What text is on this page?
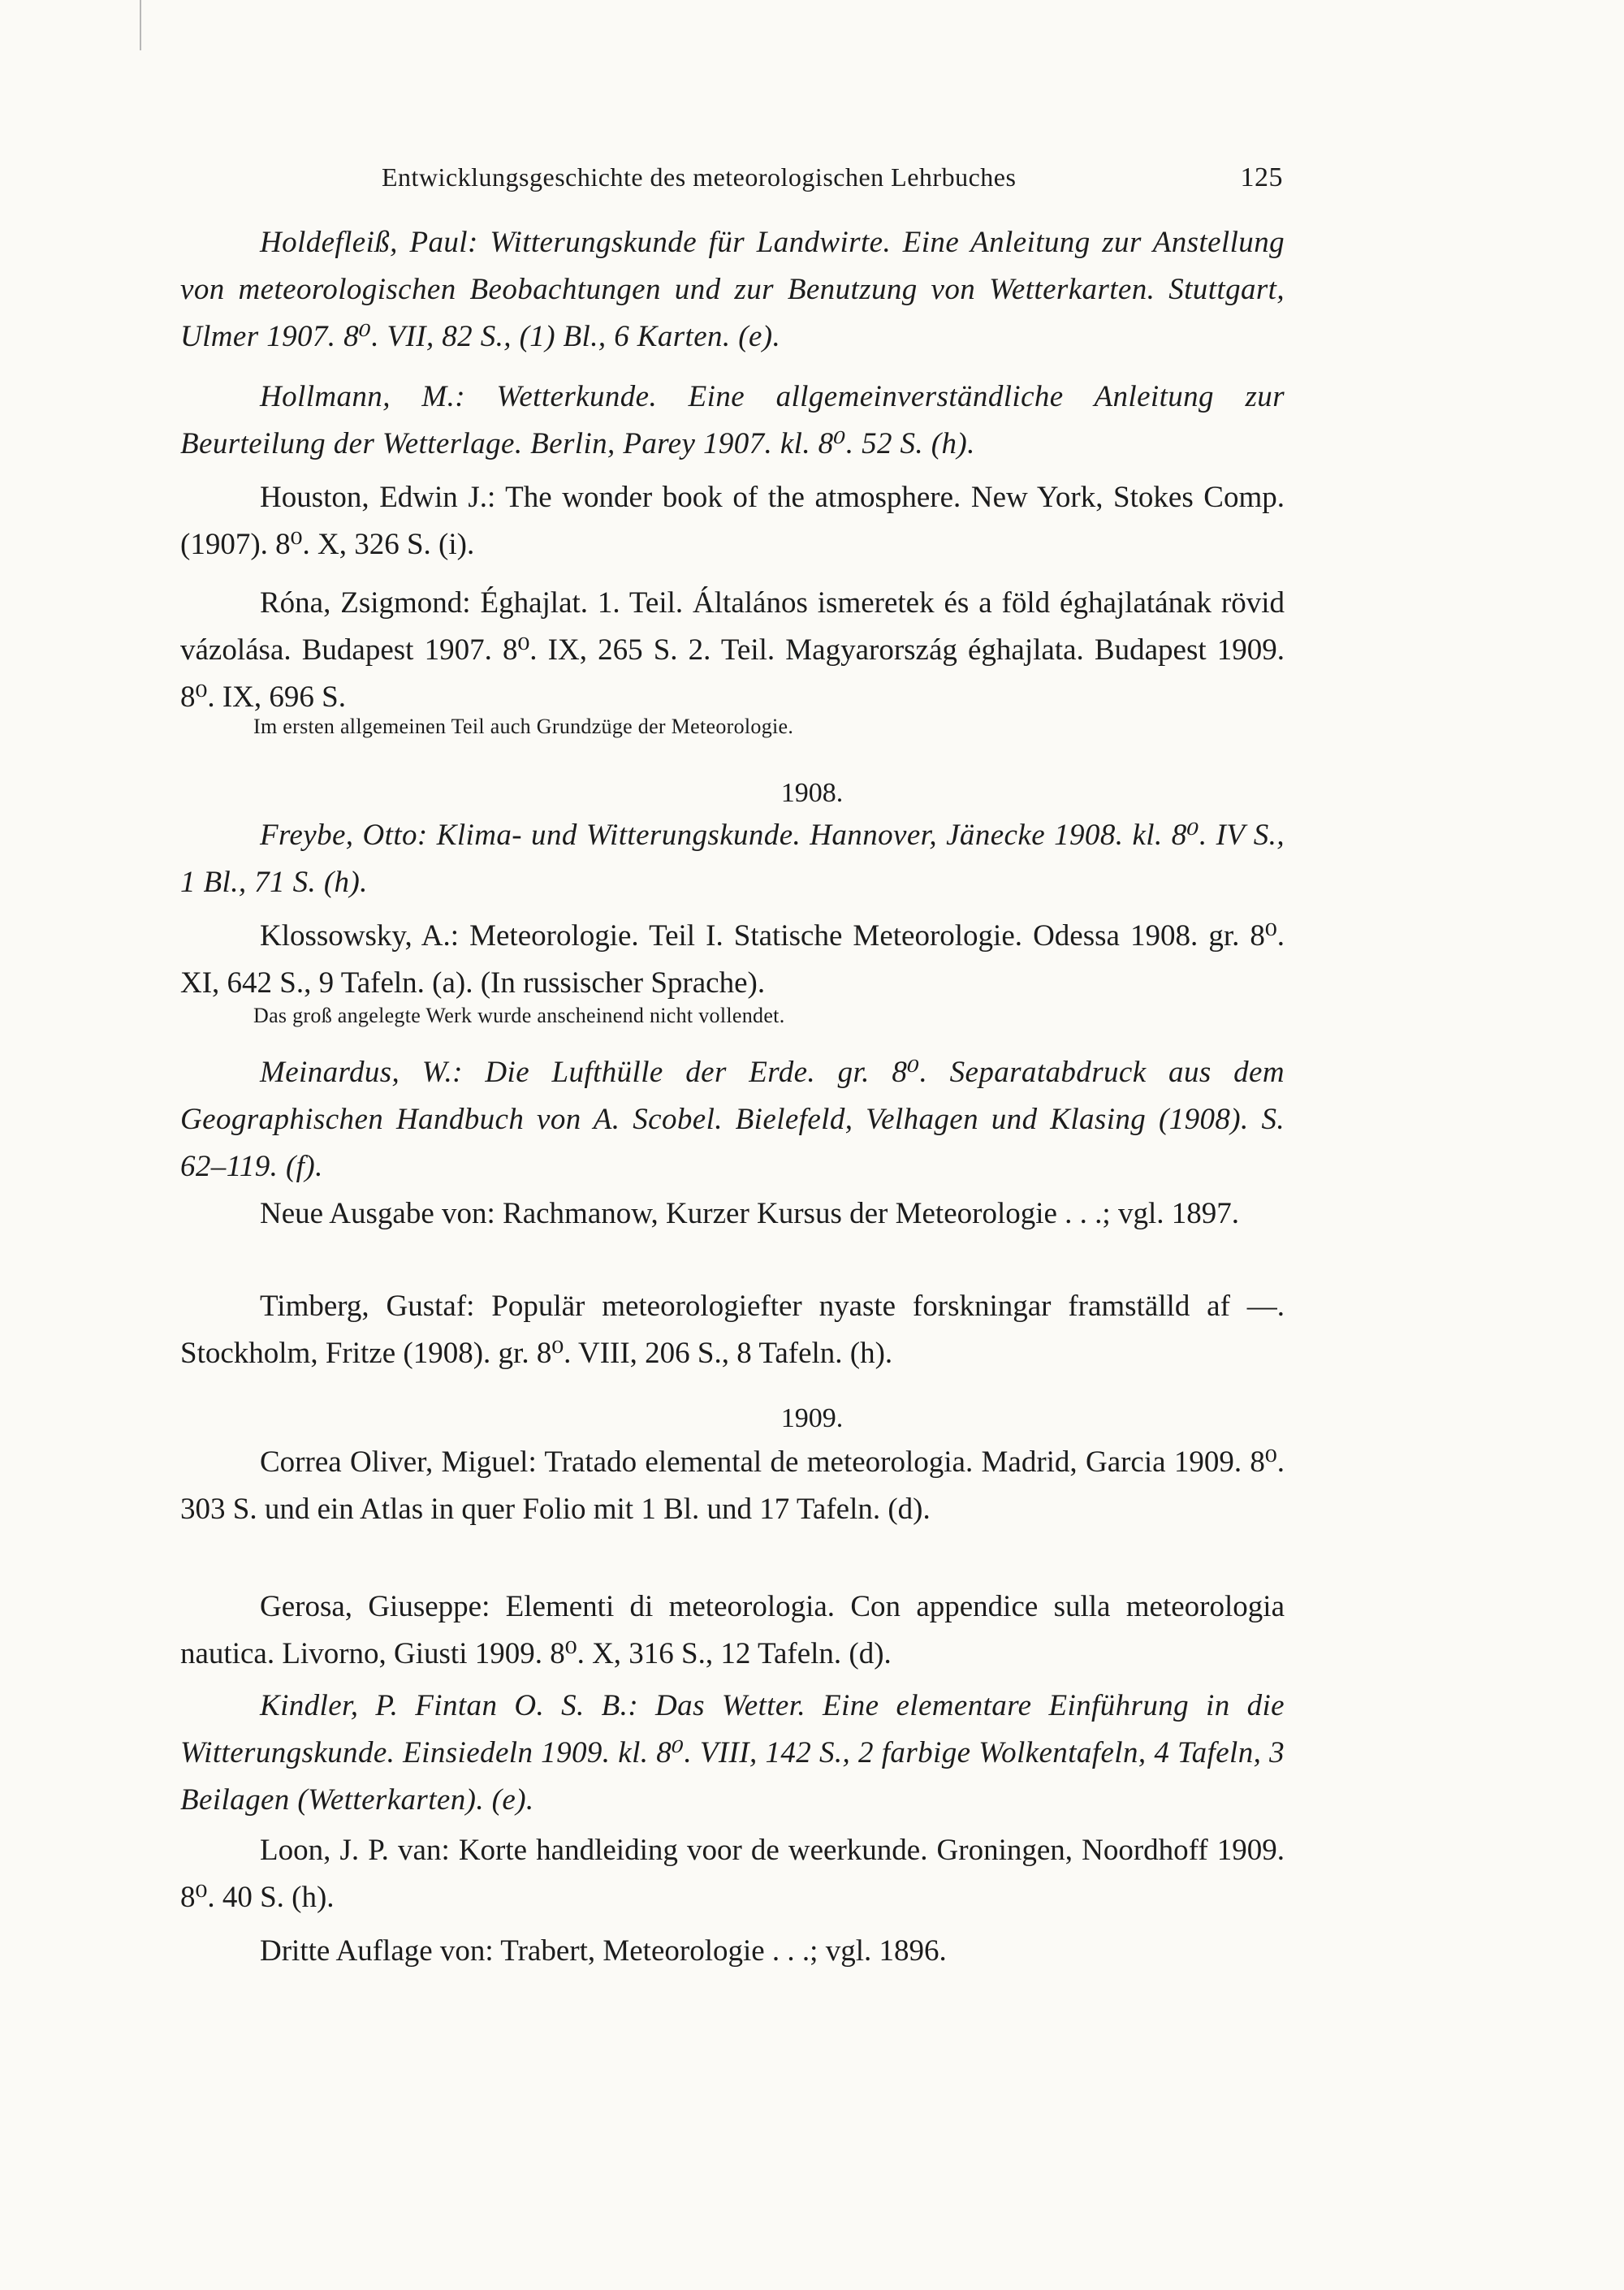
Entwicklungsgeschichte des meteorologischen Lehrbuches	125
Holdefleiß, Paul: Witterungskunde für Landwirte. Eine Anleitung zur Anstellung von meteorologischen Beobachtungen und zur Benutzung von Wetterkarten. Stuttgart, Ulmer 1907. 8⁰. VII, 82 S., (1) Bl., 6 Karten. (e).
Hollmann, M.: Wetterkunde. Eine allgemeinverständliche Anleitung zur Beurteilung der Wetterlage. Berlin, Parey 1907. kl. 8⁰. 52 S. (h).
Houston, Edwin J.: The wonder book of the atmosphere. New York, Stokes Comp. (1907). 8⁰. X, 326 S. (i).
Róna, Zsigmond: Éghajlat. 1. Teil. Általános ismeretek és a föld éghajlatának rövid vázolása. Budapest 1907. 8⁰. IX, 265 S. 2. Teil. Magyarország éghajlata. Budapest 1909. 8⁰. IX, 696 S.
Im ersten allgemeinen Teil auch Grundzüge der Meteorologie.
1908.
Freybe, Otto: Klima- und Witterungskunde. Hannover, Jänecke 1908. kl. 8⁰. IV S., 1 Bl., 71 S. (h).
Klossowsky, A.: Meteorologie. Teil I. Statische Meteorologie. Odessa 1908. gr. 8⁰. XI, 642 S., 9 Tafeln. (a). (In russischer Sprache).
Das groß angelegte Werk wurde anscheinend nicht vollendet.
Meinardus, W.: Die Lufthülle der Erde. gr. 8⁰. Separatabdruck aus dem Geographischen Handbuch von A. Scobel. Bielefeld, Velhagen und Klasing (1908). S. 62–119. (f).
Neue Ausgabe von: Rachmanow, Kurzer Kursus der Meteorologie . . .; vgl. 1897.
Timberg, Gustaf: Populär meteorologiefter nyaste forskningar framställd af —. Stockholm, Fritze (1908). gr. 8⁰. VIII, 206 S., 8 Tafeln. (h).
1909.
Correa Oliver, Miguel: Tratado elemental de meteorologia. Madrid, Garcia 1909. 8⁰. 303 S. und ein Atlas in quer Folio mit 1 Bl. und 17 Tafeln. (d).
Gerosa, Giuseppe: Elementi di meteorologia. Con appendice sulla meteorologia nautica. Livorno, Giusti 1909. 8⁰. X, 316 S., 12 Tafeln. (d).
Kindler, P. Fintan O. S. B.: Das Wetter. Eine elementare Einführung in die Witterungskunde. Einsiedeln 1909. kl. 8⁰. VIII, 142 S., 2 farbige Wolkentafeln, 4 Tafeln, 3 Beilagen (Wetterkarten). (e).
Loon, J. P. van: Korte handleiding voor de weerkunde. Groningen, Noordhoff 1909. 8⁰. 40 S. (h).
Dritte Auflage von: Trabert, Meteorologie . . .; vgl. 1896.
